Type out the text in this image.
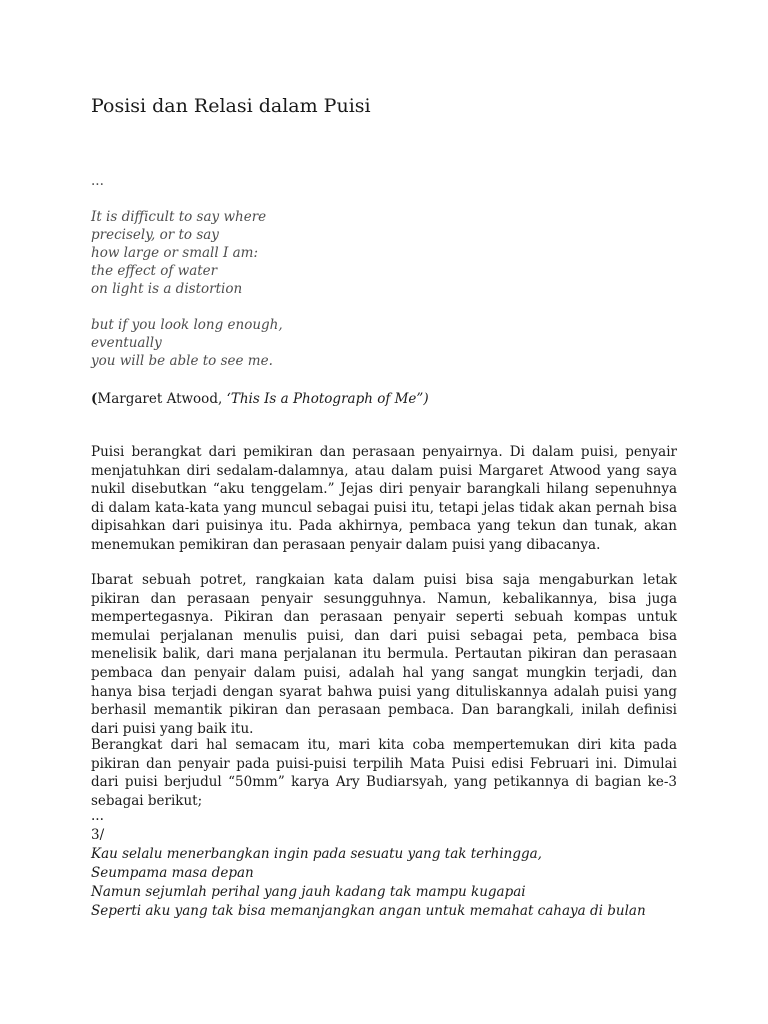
Posisi dan Relasi dalam Puisi
...
It is difficult to say where
precisely, or to say
how large or small I am:
the effect of water
on light is a distortion
but if you look long enough,
eventually
you will be able to see me.
(Margaret Atwood, ‘This Is a Photograph of Me”)

Puisi berangkat dari pemikiran dan perasaan penyairnya. Di dalam puisi, penyair menjatuhkan diri sedalam-dalamnya, atau dalam puisi Margaret Atwood yang saya nukil disebutkan “aku tenggelam.” Jejas diri penyair barangkali hilang sepenuhnya di dalam kata-kata yang muncul sebagai puisi itu, tetapi jelas tidak akan pernah bisa dipisahkan dari puisinya itu. Pada akhirnya, pembaca yang tekun dan tunak, akan menemukan pemikiran dan perasaan penyair dalam puisi yang dibacanya.

Ibarat sebuah potret, rangkaian kata dalam puisi bisa saja mengaburkan letak pikiran dan perasaan penyair sesungguhnya. Namun, kebalikannya, bisa juga mempertegasnya. Pikiran dan perasaan penyair seperti sebuah kompas untuk memulai perjalanan menulis puisi, dan dari puisi sebagai peta, pembaca bisa menelisik balik, dari mana perjalanan itu bermula. Pertautan pikiran dan perasaan pembaca dan penyair dalam puisi, adalah hal yang sangat mungkin terjadi, dan hanya bisa terjadi dengan syarat bahwa puisi yang dituliskannya adalah puisi yang berhasil memantik pikiran dan perasaan pembaca. Dan barangkali, inilah definisi dari puisi yang baik itu.

Berangkat dari hal semacam itu, mari kita coba mempertemukan diri kita pada pikiran dan penyair pada puisi-puisi terpilih Mata Puisi edisi Februari ini. Dimulai dari puisi berjudul “50mm” karya Ary Budiarsyah, yang petikannya di bagian ke-3 sebagai berikut;

...
3/
Kau selalu menerbangkan ingin pada sesuatu yang tak terhingga,
Seumpama masa depan
Namun sejumlah perihal yang jauh kadang tak mampu kugapai
Seperti aku yang tak bisa memanjangkan angan untuk memahat cahaya di bulan
